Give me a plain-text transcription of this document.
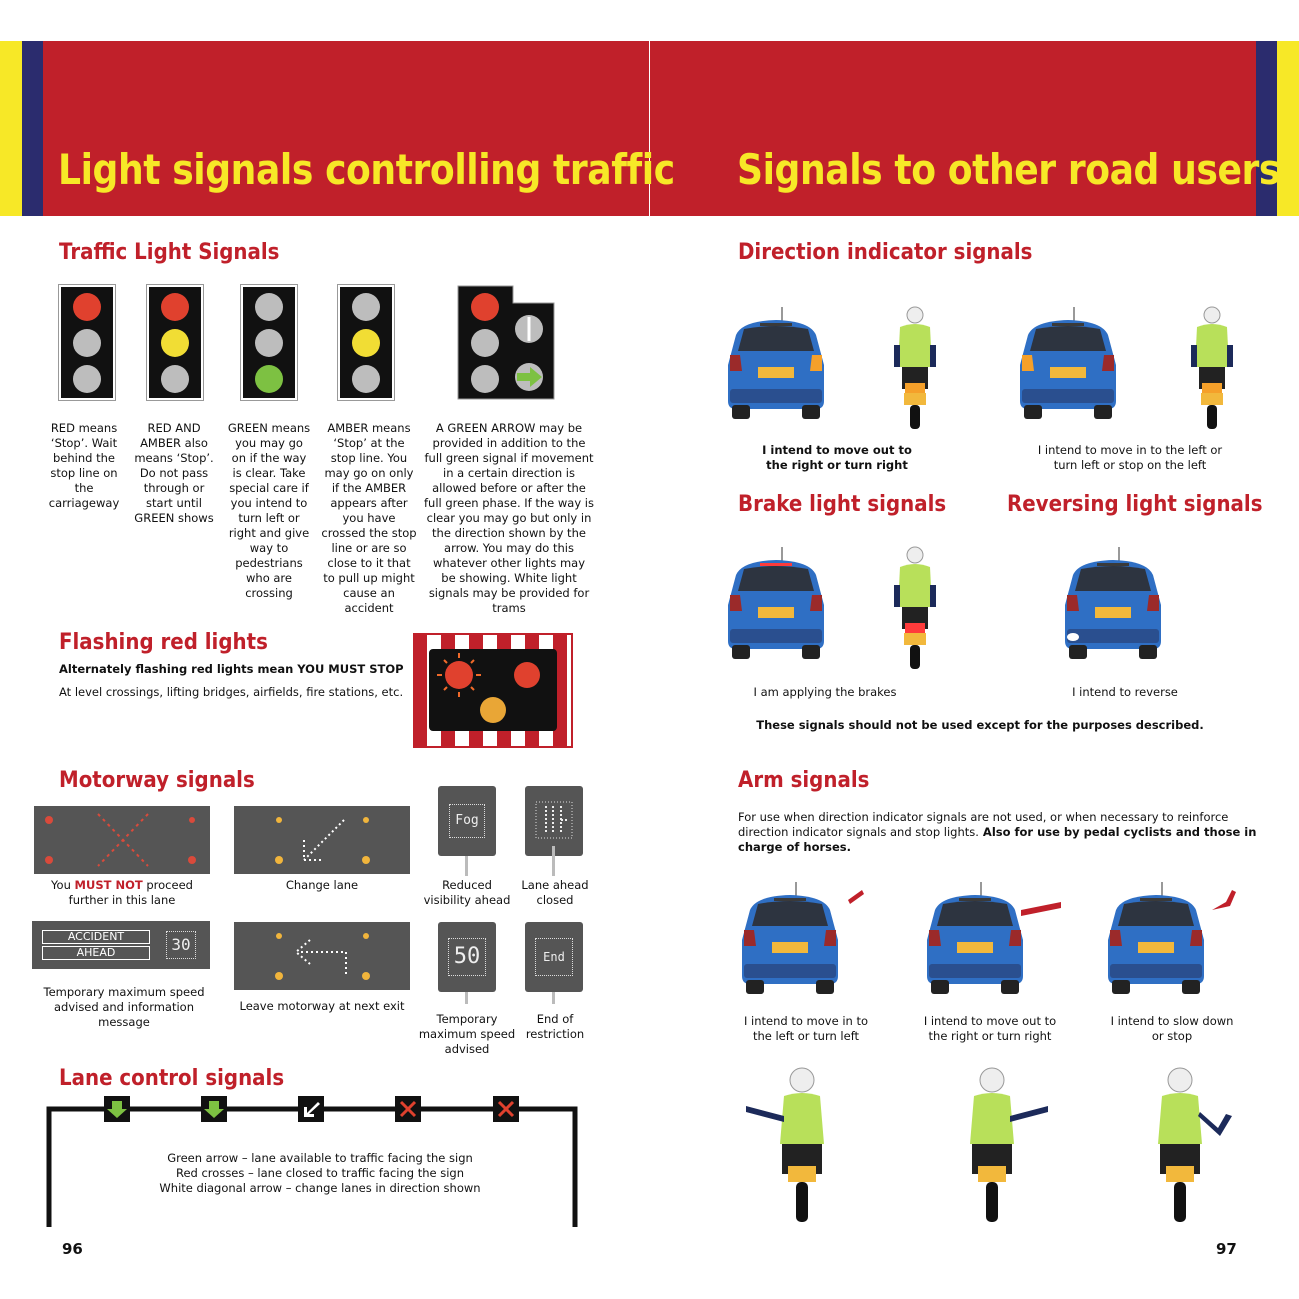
Light signals controlling traffic Signals to other road users
Traffic Light Signals
RED means ‘Stop’. Wait behind the stop line on the carriageway
RED AND AMBER also means ‘Stop’. Do not pass through or start until GREEN shows
GREEN means you may go on if the way is clear. Take special care if you intend to turn left or right and give way to pedestrians who are crossing
AMBER means ‘Stop’ at the stop line. You may go on only if the AMBER appears after you have crossed the stop line or are so close to it that to pull up might cause an accident
A GREEN ARROW may be provided in addition to the full green signal if movement in a certain direction is allowed before or after the full green phase. If the way is clear you may go but only in the direction shown by the arrow. You may do this whatever other lights may be showing. White light signals may be provided for trams
Flashing red lights
Alternately flashing red lights mean YOU MUST STOP
At level crossings, lifting bridges, airfields, fire stations, etc.
Motorway signals
Fog
You MUST NOT proceed further in this lane
Change lane	Reduced visibility ahead
Lane ahead closed
ACCIDENT
AHEAD	30	50	End
Temporary maximum speed advised and information message
Leave motorway at next exit
Temporary maximum speed advised
End of restriction
Lane control signals
Green arrow – lane available to traffic facing the sign
Red crosses – lane closed to traffic facing the sign
White diagonal arrow – change lanes in direction shown
96
Direction indicator signals
I intend to move out to the right or turn right
I intend to move in to the left or turn left or stop on the left
Brake light signals	Reversing light signals
I am applying the brakes	I intend to reverse
These signals should not be used except for the purposes described.
Arm signals
For use when direction indicator signals are not used, or when necessary to reinforce direction indicator signals and stop lights. Also for use by pedal cyclists and those in charge of horses.
I intend to move in to the left or turn left
I intend to move out to the right or turn right
I intend to slow down or stop
97
